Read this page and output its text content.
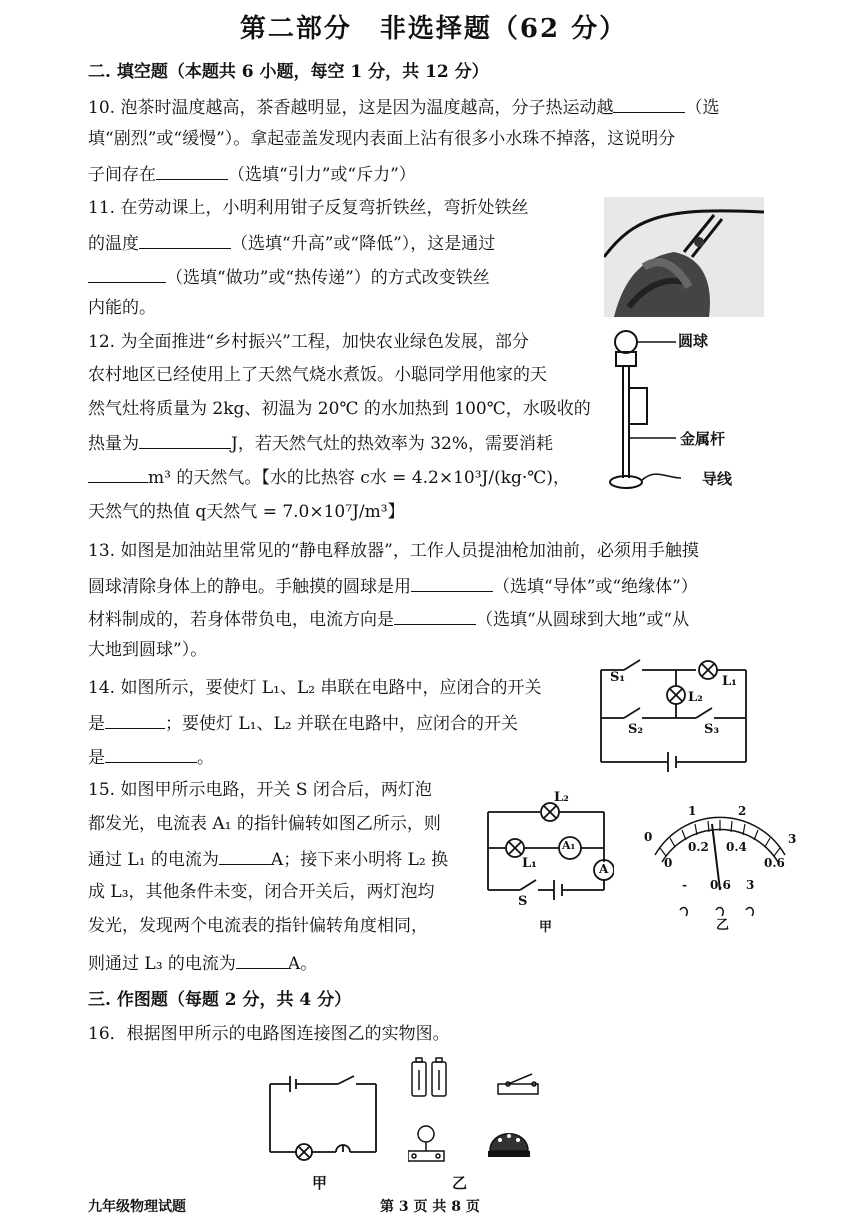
第二部分　非选择题（62 分）
二. 填空题（本题共 6 小题，每空 1 分，共 12 分）
10. 泡茶时温度越高，茶香越明显，这是因为温度越高，分子热运动越	（选
填“剧烈”或“缓慢”）。拿起壶盖发现内表面上沾有很多小水珠不掉落，这说明分
子间存在	（选填“引力”或“斥力”）
11. 在劳动课上，小明利用钳子反复弯折铁丝，弯折处铁丝
的温度	（选填“升高”或“降低”），这是通过
（选填“做功”或“热传递”）的方式改变铁丝
内能的。
12. 为全面推进“乡村振兴”工程，加快农业绿色发展，部分
农村地区已经使用上了天然气烧水煮饭。小聪同学用他家的天
然气灶将质量为 2kg、初温为 20℃ 的水加热到 100℃，水吸收的
热量为	J，若天然气灶的热效率为 32%，需要消耗
m³ 的天然气。【水的比热容 c水 = 4.2×10³J/(kg·℃)，
天然气的热值 q天然气 = 7.0×10⁷J/m³】
圆球
金属杆
导线
13. 如图是加油站里常见的“静电释放器”，工作人员提油枪加油前，必须用手触摸
圆球清除身体上的静电。手触摸的圆球是用	（选填“导体”或“绝缘体”）
材料制成的，若身体带负电，电流方向是	（选填“从圆球到大地”或“从
大地到圆球”）。
14. 如图所示，要使灯 L₁、L₂ 串联在电路中，应闭合的开关
是	；要使灯 L₁、L₂ 并联在电路中，应闭合的开关
是	。
S₁	L₁
L₂
S₂	S₃
15. 如图甲所示电路，开关 S 闭合后，两灯泡
都发光，电流表 A₁ 的指针偏转如图乙所示，则
通过 L₁ 的电流为	A；接下来小明将 L₂ 换
成 L₃，其他条件未变，闭合开关后，两灯泡均
发光，发现两个电流表的指针偏转角度相同，
则通过 L₃ 的电流为	A。
L₂
A₁
L₁	A
S
甲
0
1	2
3
0
0.2 0.4
0.6
- 0.6 3
乙
三. 作图题（每题 2 分，共 4 分）
16．根据图甲所示的电路图连接图乙的实物图。
甲	乙
九年级物理试题	第 3 页 共 8 页
